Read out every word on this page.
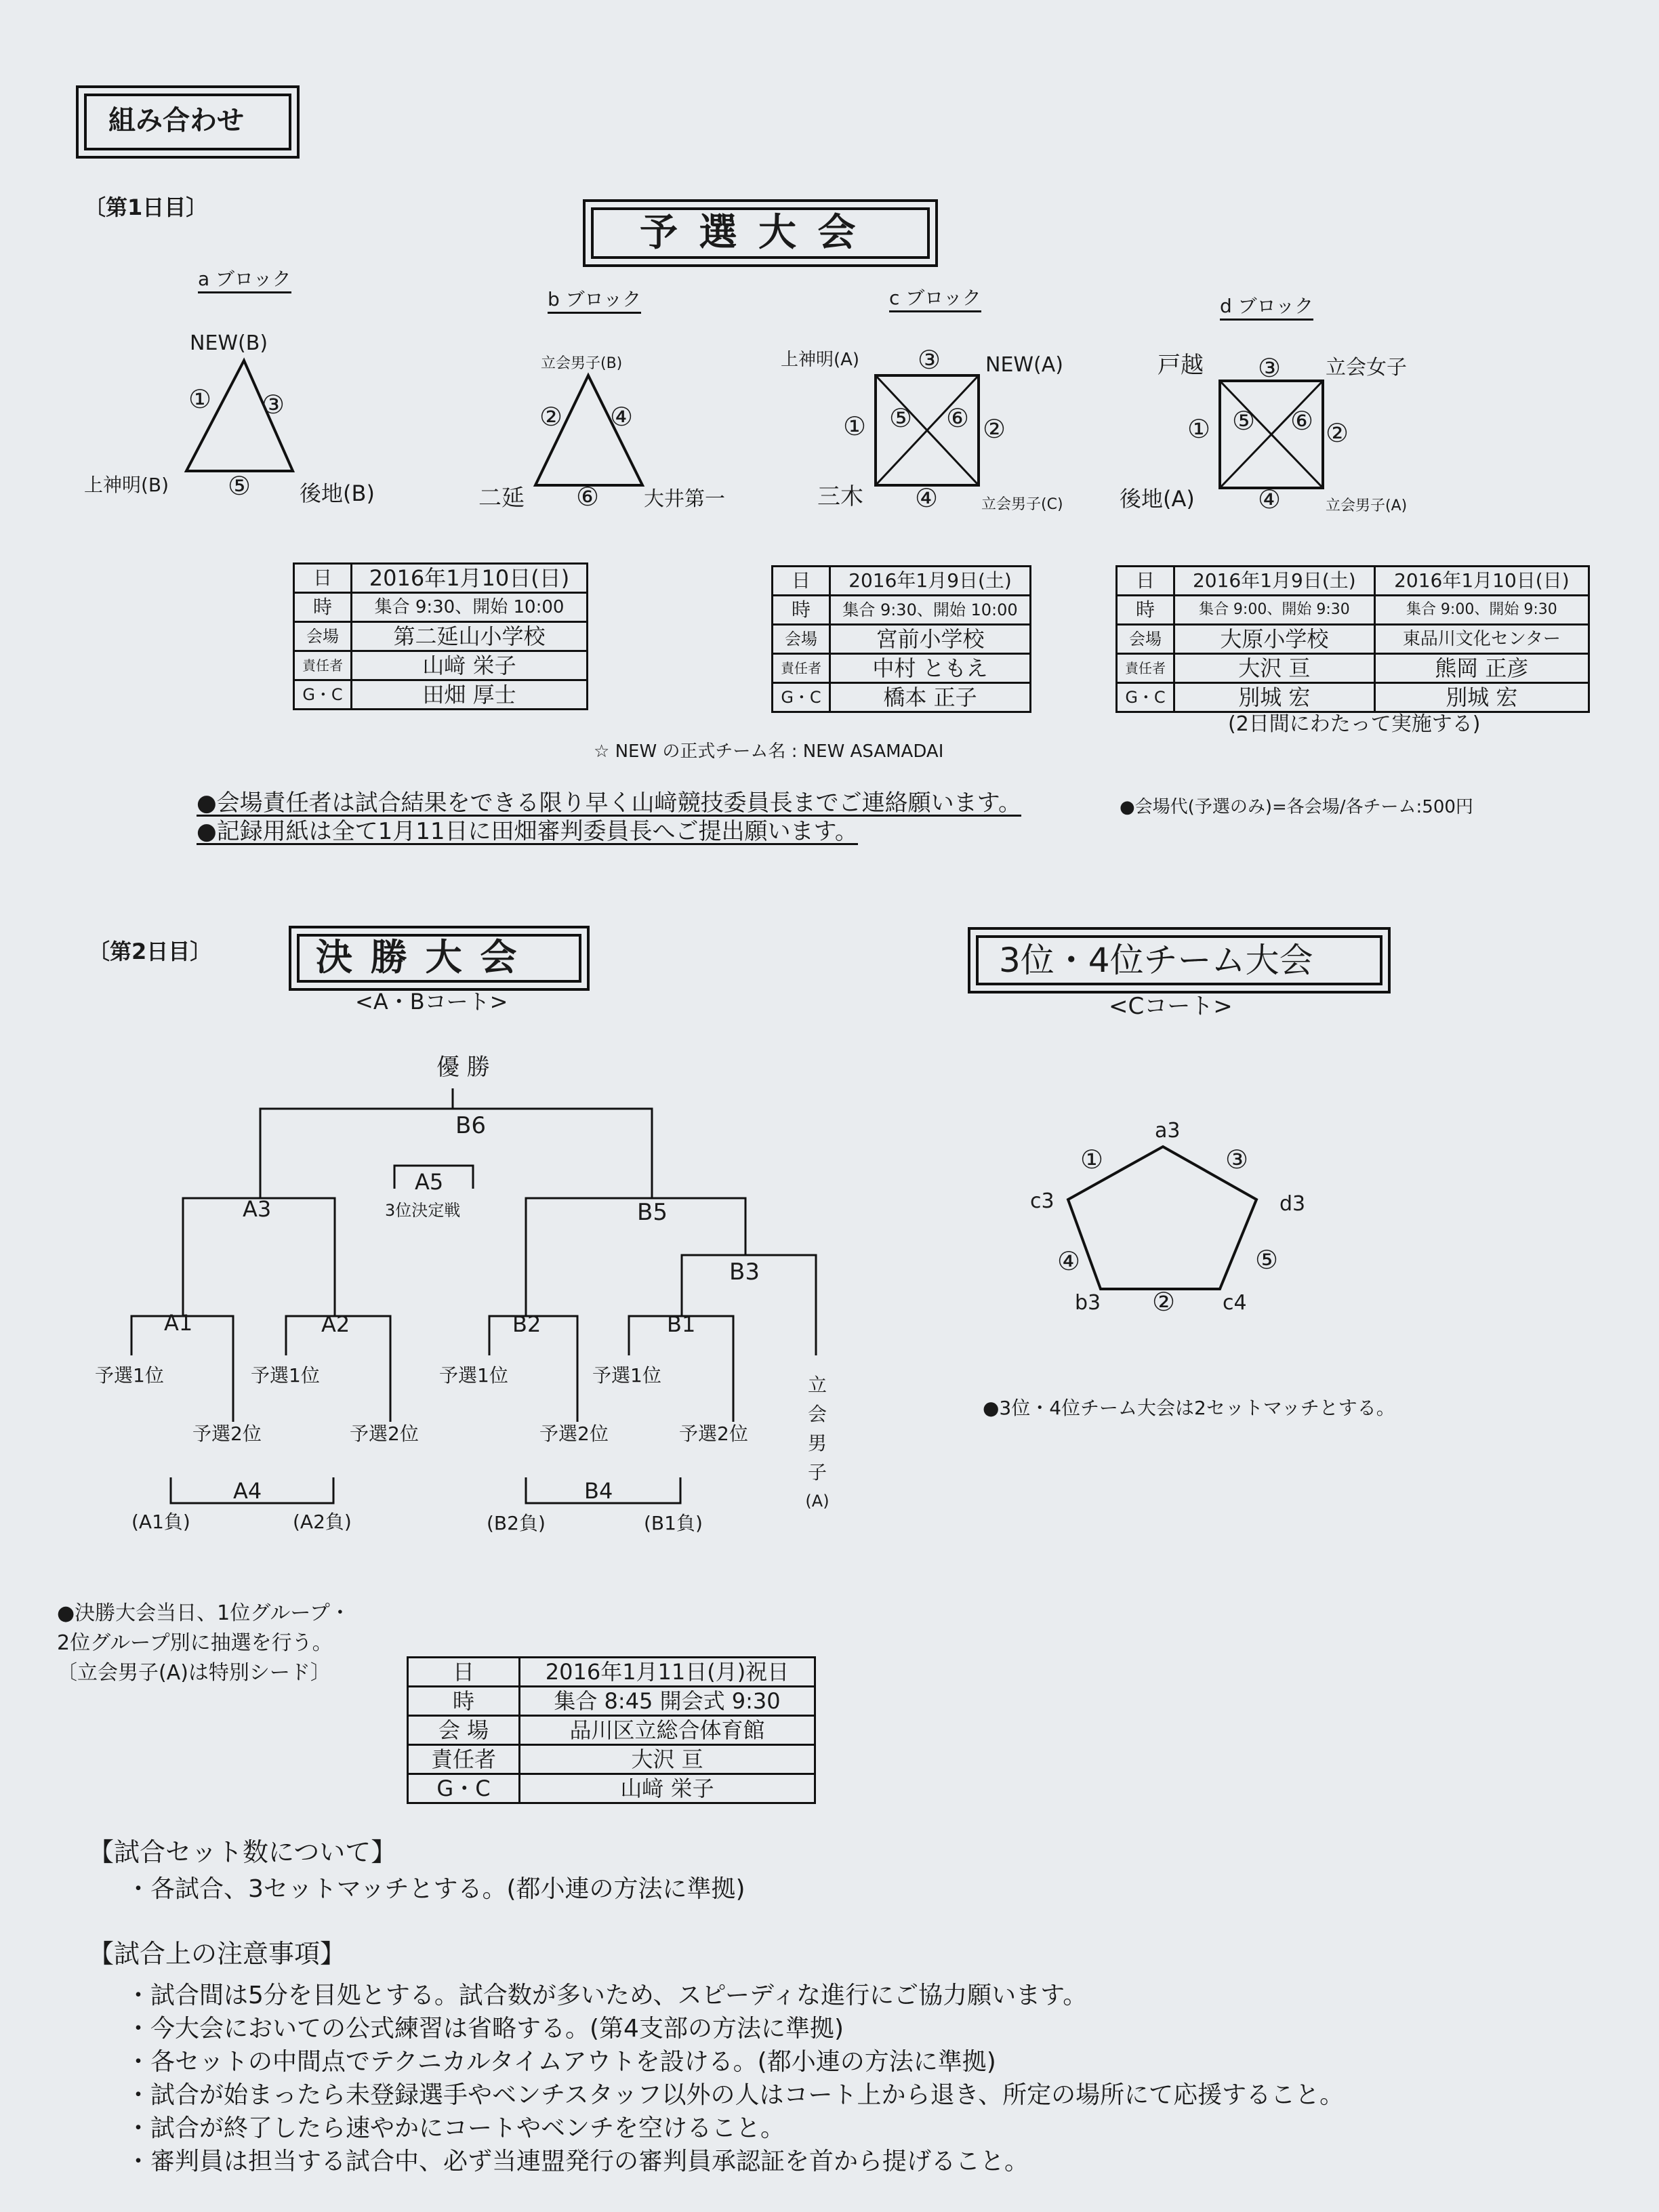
組み合わせ
〔第1日目〕
予 選 大 会
a ブロック
NEW(B)
上神明(B)	後地(B)
① ③
⑤
b ブロック
立会男子(B)
二延	大井第一
② ④
⑥
c ブロック
上神明(A)	NEW(A)
三木	立会男子(C)
①	②
③
④
⑤ ⑥
d ブロック
戸越	立会女子
後地(A)	立会男子(A)
①	②
③
④
⑤ ⑥
日	2016年1月10日(日)
時	集合 9:30、開始 10:00
会場	第二延山小学校
責任者	山﨑 栄子
G・C	田畑 厚士
日	2016年1月9日(土)
時	集合 9:30、開始 10:00
会場	宮前小学校
責任者	中村 ともえ
G・C	橋本 正子
日	2016年1月9日(土)	2016年1月10日(日)
時	集合 9:00、開始 9:30	集合 9:00、開始 9:30
会場	大原小学校	東品川文化センター
責任者	大沢 亘	熊岡 正彦
G・C	別城 宏	別城 宏
(2日間にわたって実施する)
☆ NEW の正式チーム名 : NEW ASAMADAI
●会場責任者は試合結果をできる限り早く山﨑競技委員長までご連絡願います。	●会場代(予選のみ)=各会場/各チーム:500円
●記録用紙は全て1月11日に田畑審判委員長へご提出願います。
〔第2日目〕	決 勝 大 会
<A・Bコート>
優 勝
B6
A5
3位決定戦
A3	B5
B3
A1	A2	B2	B1
予選1位	予選1位	予選1位	予選1位
予選2位	予選2位	予選2位	予選2位
立
会
男
子
(A)
A4
(A1負)	(A2負)
B4
(B2負)	(B1負)
3位・4位チーム大会
<Cコート>
a3
c3	d3
b3	c4
①
②
③
④	⑤
●3位・4位チーム大会は2セットマッチとする。
●決勝大会当日、1位グループ・
2位グループ別に抽選を行う。
〔立会男子(A)は特別シード〕	日	2016年1月11日(月)祝日
時	集合 8:45 開会式 9:30
会 場	品川区立総合体育館
責任者	大沢 亘
G・C	山﨑 栄子
【試合セット数について】
・各試合、3セットマッチとする。(都小連の方法に準拠)
【試合上の注意事項】
・試合間は5分を目処とする。試合数が多いため、スピーディな進行にご協力願います。
・今大会においての公式練習は省略する。(第4支部の方法に準拠)
・各セットの中間点でテクニカルタイムアウトを設ける。(都小連の方法に準拠)
・試合が始まったら未登録選手やベンチスタッフ以外の人はコート上から退き、所定の場所にて応援すること。
・試合が終了したら速やかにコートやベンチを空けること。
・審判員は担当する試合中、必ず当連盟発行の審判員承認証を首から提げること。
